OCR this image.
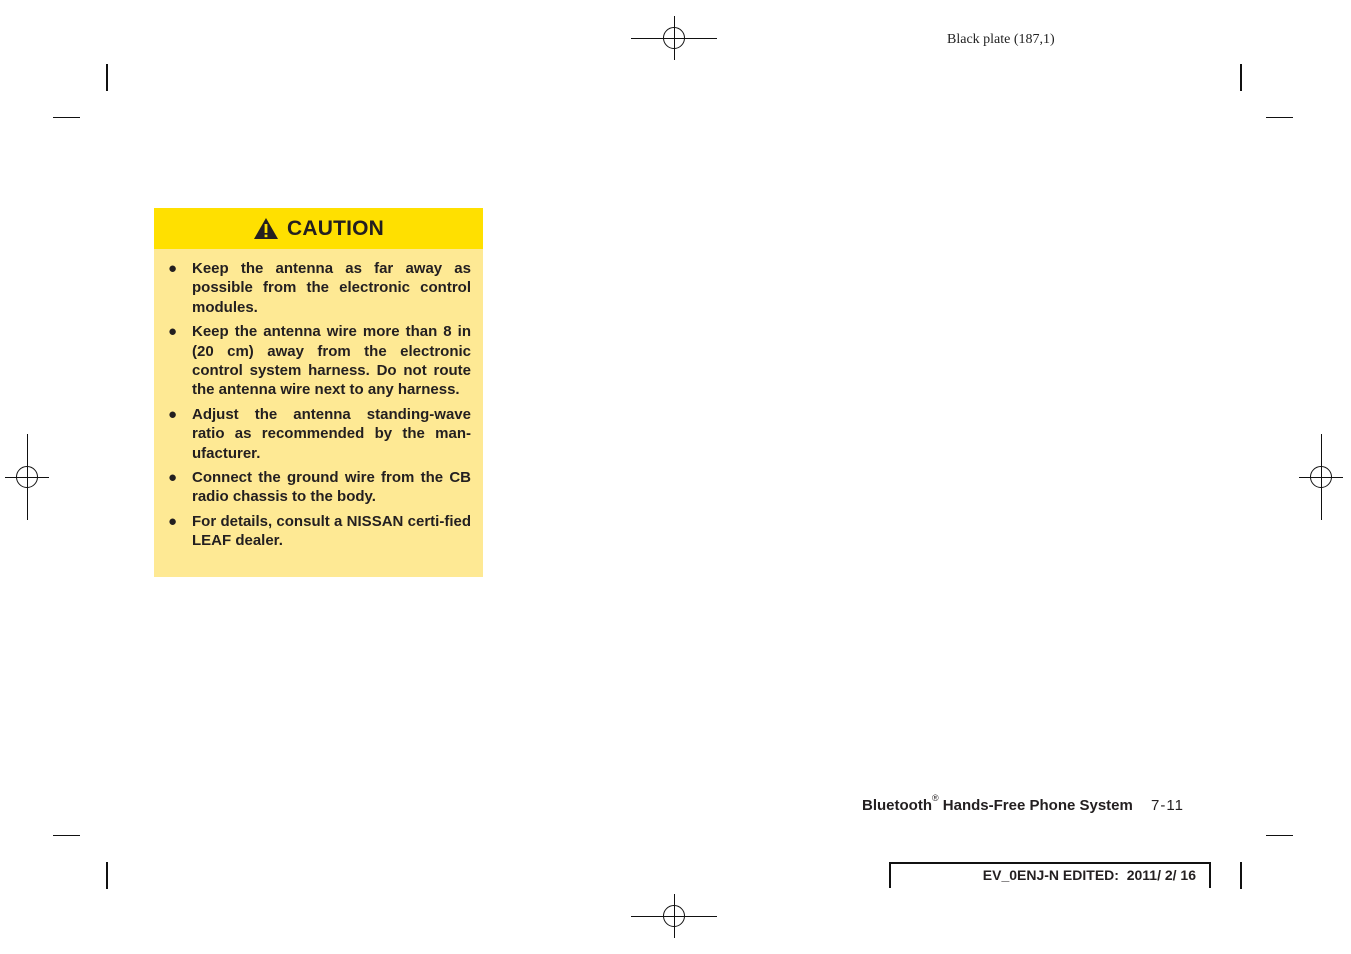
Black plate (187,1)
CAUTION
● Keep the antenna as far away as possible from the electronic control modules.
● Keep the antenna wire more than 8 in (20 cm) away from the electronic control system harness. Do not route the antenna wire next to any harness.
● Adjust the antenna standing-wave ratio as recommended by the man-ufacturer.
● Connect the ground wire from the CB radio chassis to the body.
● For details, consult a NISSAN certi-fied LEAF dealer.
Bluetooth® Hands-Free Phone System 7-11
EV_0ENJ-N EDITED:  2011/ 2/ 16
